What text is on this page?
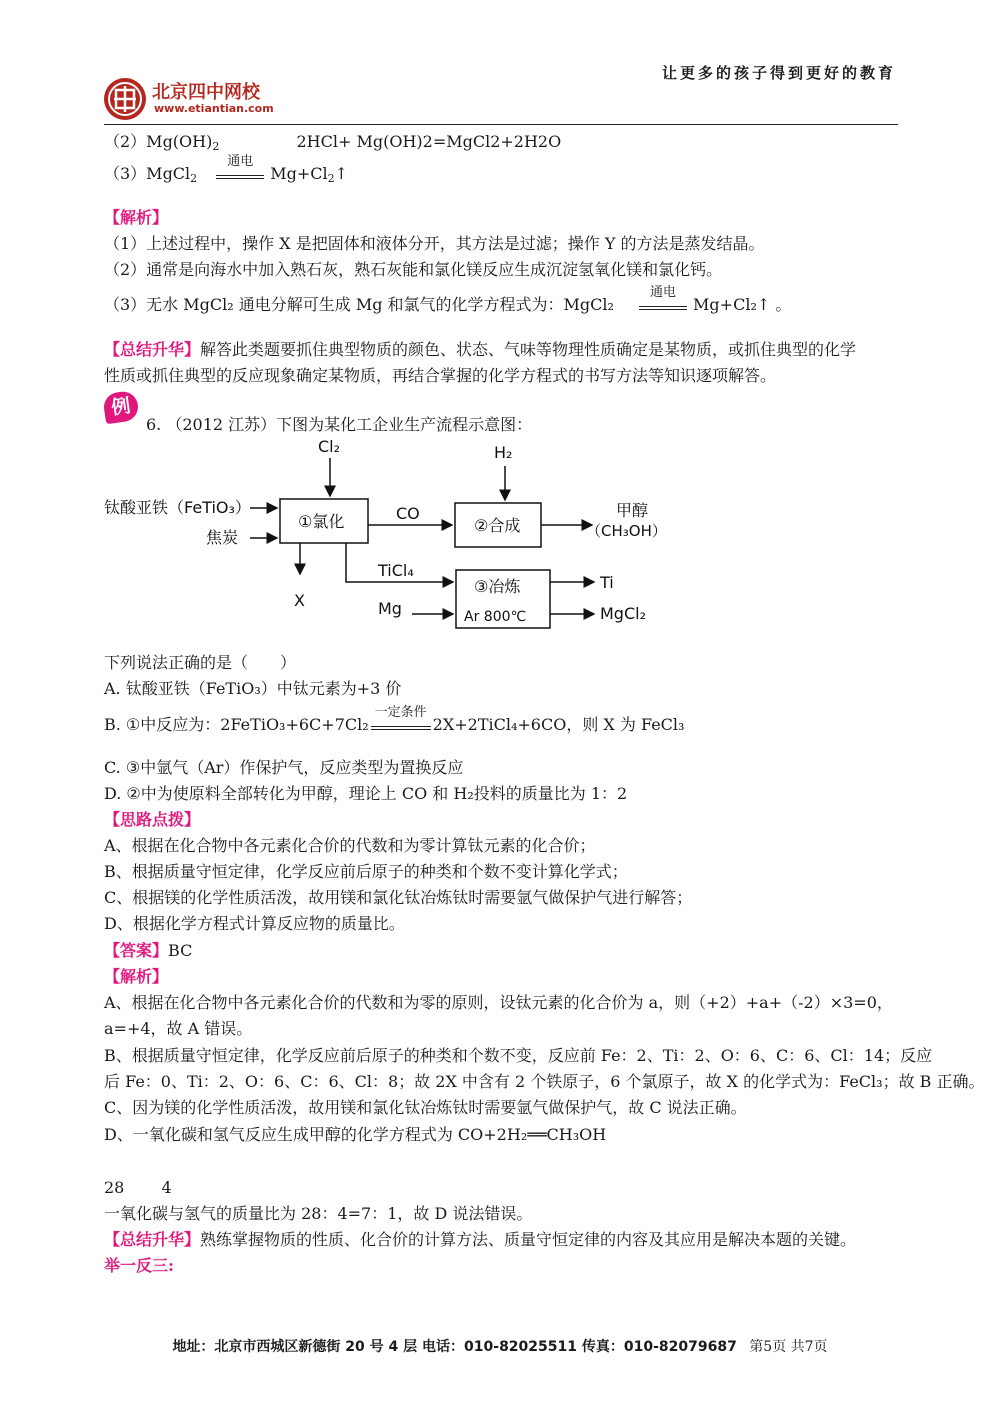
让更多的孩子得到更好的教育
北京四中网校
www.etiantian.com
$(2)Mg(OH)_2$	2HCl+ Mg(OH)2=MgCl2+2H2O
（3）MgCl$_2$
通电
$Mg+Cl_2↑$
【解析】
（1）上述过程中，操作 X 是把固体和液体分开，其方法是过滤；操作 Y 的方法是蒸发结晶。
（2）通常是向海水中加入熟石灰，熟石灰能和氯化镁反应生成沉淀氢氧化镁和氯化钙。
（3）无水 MgCl₂ 通电分解可生成 Mg 和氯气的化学方程式为：MgCl₂
通电
Mg+Cl₂↑ 。
【总结升华】解答此类题要抓住典型物质的颜色、状态、气味等物理性质确定是某物质，或抓住典型的化学
性质或抓住典型的反应现象确定某物质，再结合掌握的化学方程式的书写方法等知识逐项解答。
例
6. （2012 江苏）下图为某化工企业生产流程示意图：
Cl₂	H₂
钛酸亚铁（FeTiO₃）
焦炭
①氯化	②合成
③冶炼
Ar 800℃
CO	甲醇
（CH₃OH）
X
TiCl₄
Mg
Ti
MgCl₂
下列说法正确的是（　　）
A. 钛酸亚铁（FeTiO₃）中钛元素为+3 价
B. ①中反应为：2FeTiO₃+6C+7Cl₂
一定条件
2X+2TiCl₄+6CO，则 X 为 FeCl₃
C. ③中氩气（Ar）作保护气，反应类型为置换反应
D. ②中为使原料全部转化为甲醇，理论上 CO 和 H₂投料的质量比为 1：2
【思路点拨】
A、根据在化合物中各元素化合价的代数和为零计算钛元素的化合价；
B、根据质量守恒定律，化学反应前后原子的种类和个数不变计算化学式；
C、根据镁的化学性质活泼，故用镁和氯化钛冶炼钛时需要氩气做保护气进行解答；
D、根据化学方程式计算反应物的质量比。
【答案】BC
【解析】
A、根据在化合物中各元素化合价的代数和为零的原则，设钛元素的化合价为 a，则（+2）+a+（-2）×3=0，
a=+4，故 A 错误。
B、根据质量守恒定律，化学反应前后原子的种类和个数不变，反应前 Fe：2、Ti：2、O：6、C：6、Cl：14；反应
后 Fe：0、Ti：2、O：6、C：6、Cl：8；故 2X 中含有 2 个铁原子，6 个氯原子，故 X 的化学式为：FeCl₃；故 B 正确。
C、因为镁的化学性质活泼，故用镁和氯化钛冶炼钛时需要氩气做保护气，故 C 说法正确。
D、一氧化碳和氢气反应生成甲醇的化学方程式为 CO+2H₂══CH₃OH
28　　 4
一氧化碳与氢气的质量比为 28：4=7：1，故 D 说法错误。
【总结升华】熟练掌握物质的性质、化合价的计算方法、质量守恒定律的内容及其应用是解决本题的关键。
举一反三:
地址：北京市西城区新德街 20 号 4 层 电话：010-82025511 传真：010-82079687 第5页 共7页
